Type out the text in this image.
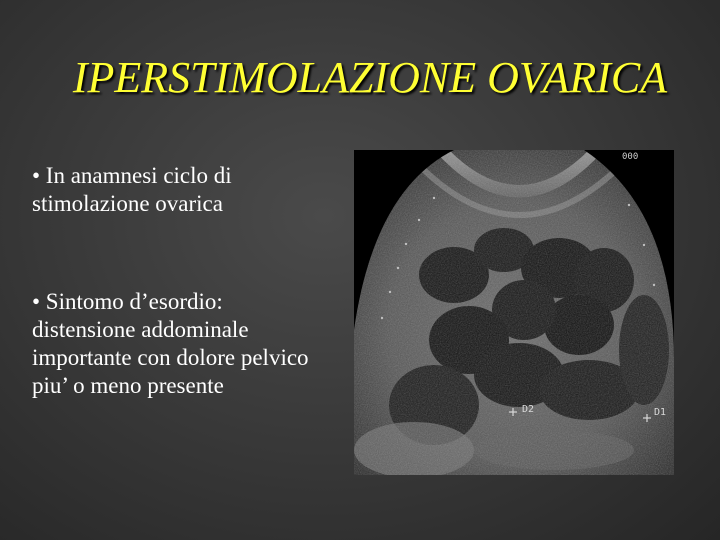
IPERSTIMOLAZIONE OVARICA

• In anamnesi ciclo di stimolazione ovarica

• Sintomo d’esordio: distensione addominale importante con dolore pelvico piu’ o meno presente

000
D2	D1
